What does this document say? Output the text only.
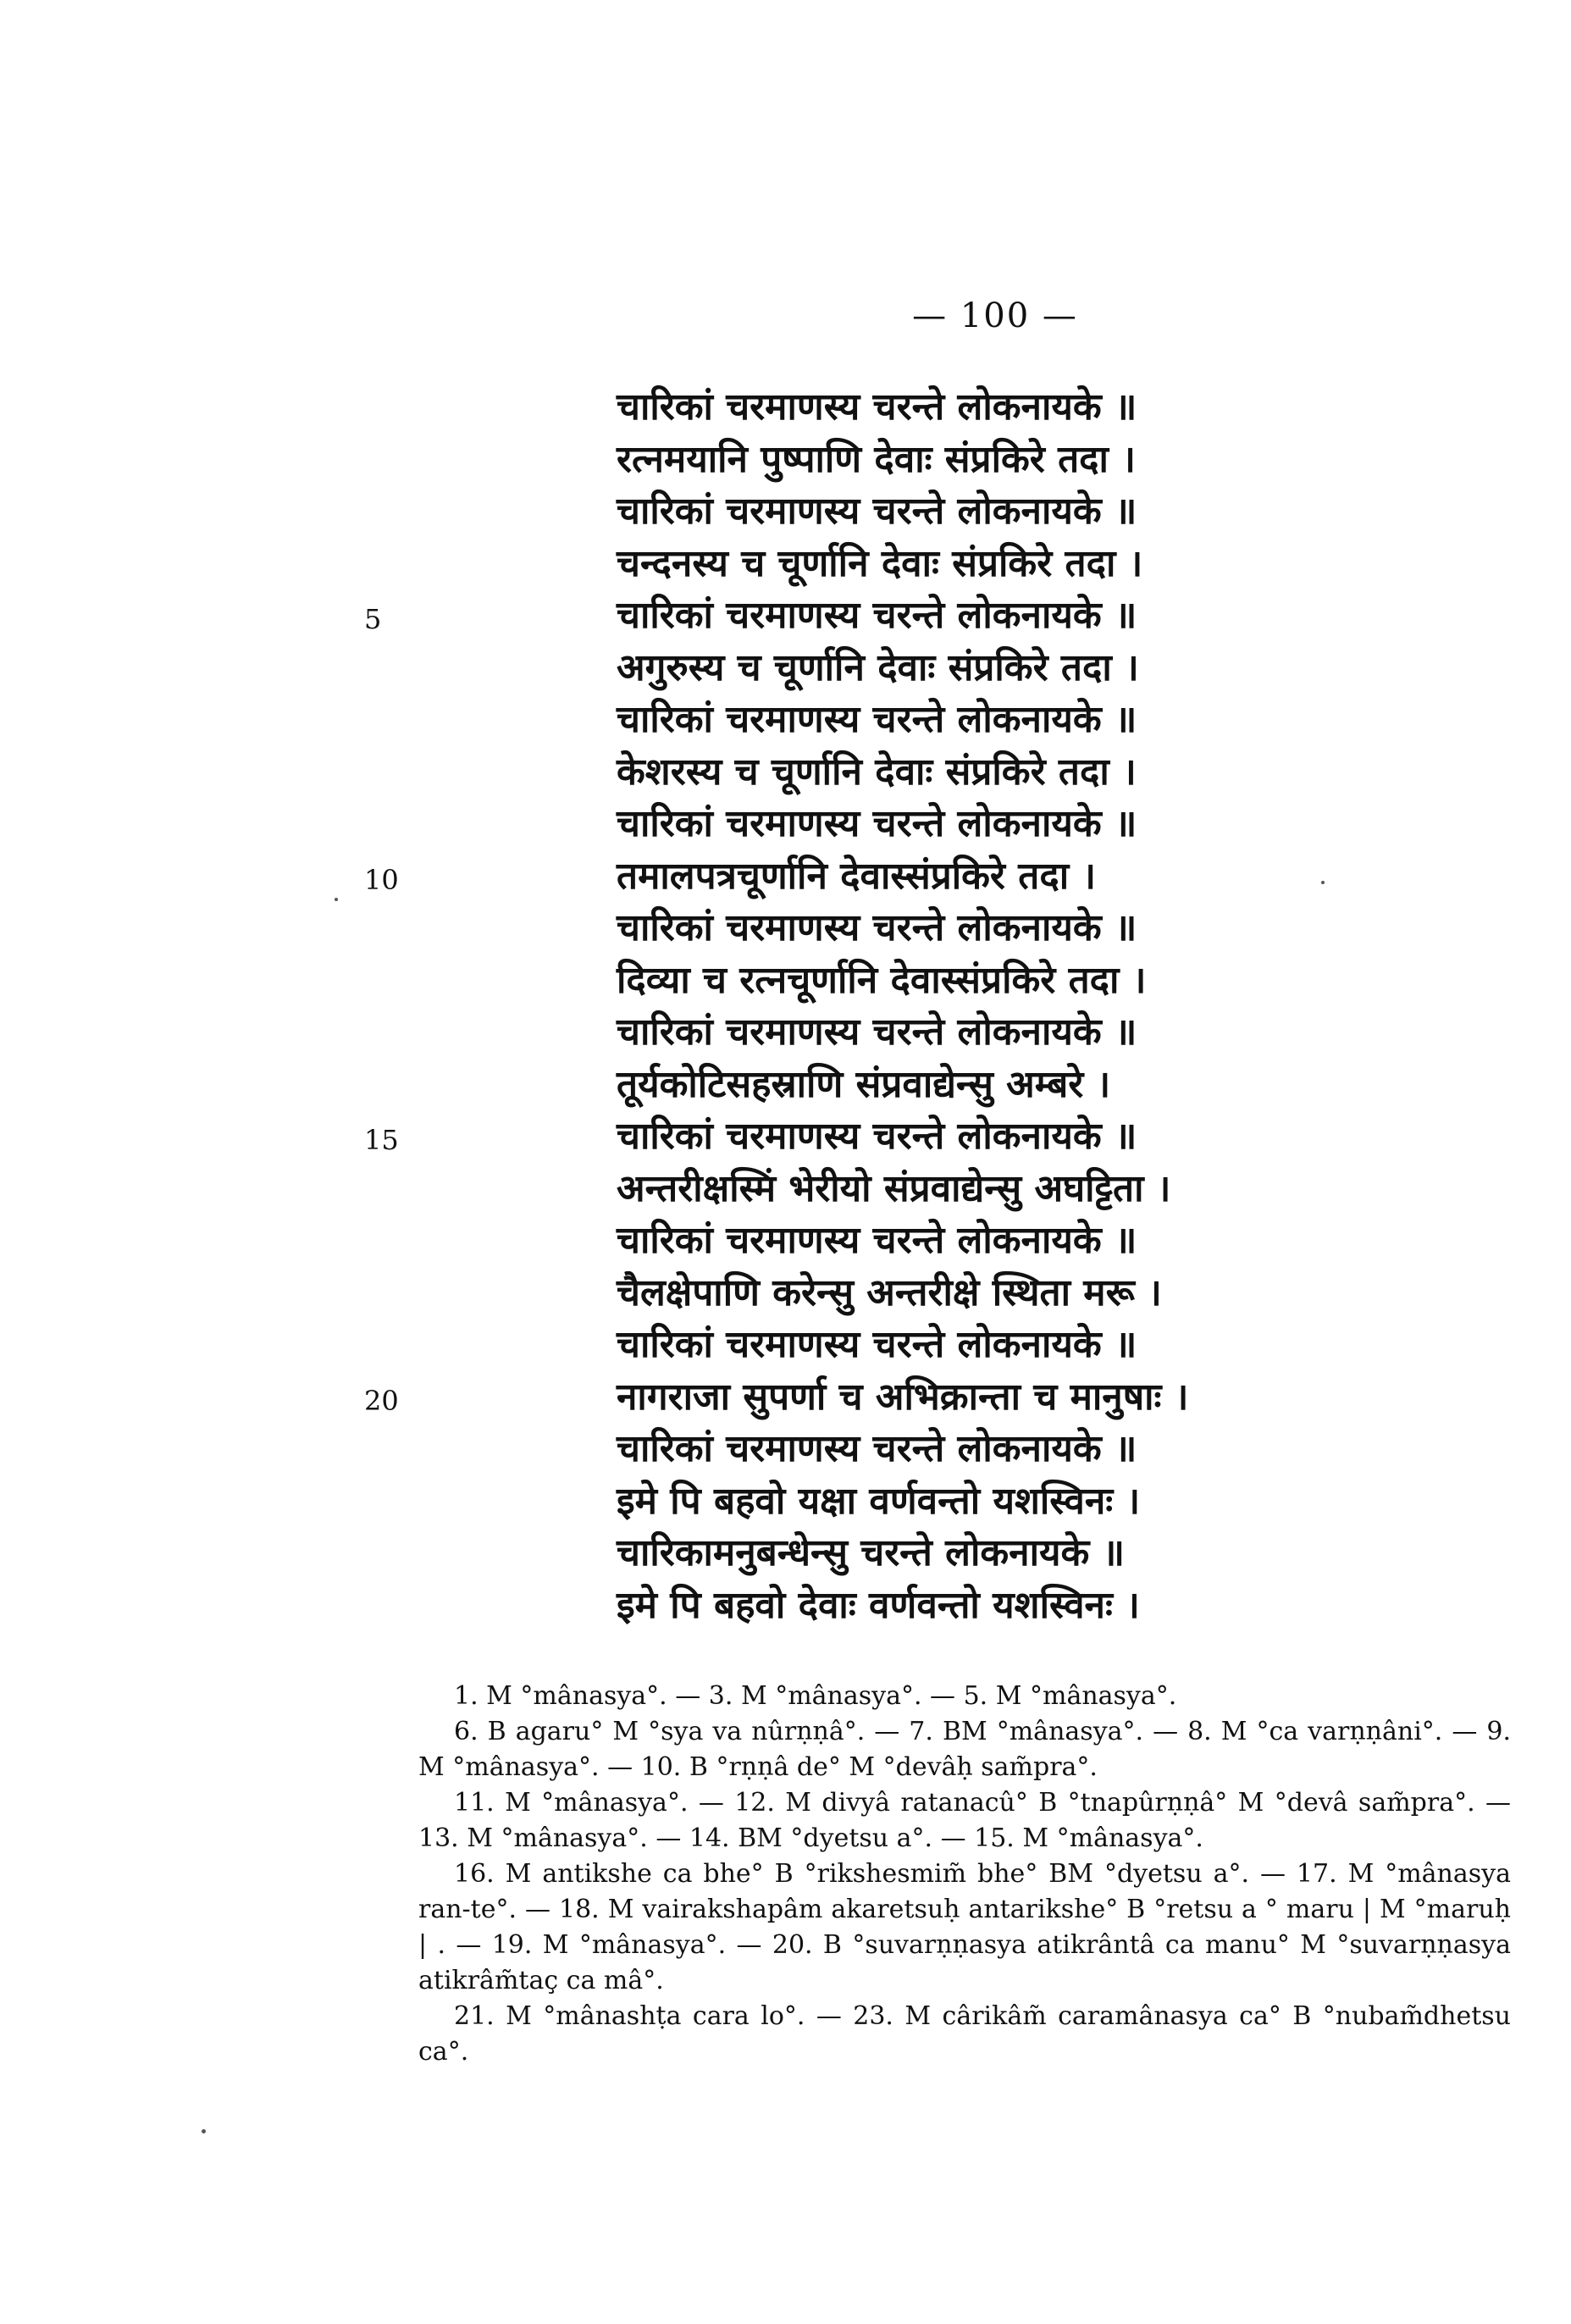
— 100 —
5
10
15
20
चारिकां चरमाणस्य चरन्ते लोकनायके ॥
रत्नमयानि पुष्पाणि देवाः संप्रकिरे तदा ।
चारिकां चरमाणस्य चरन्ते लोकनायके ॥
चन्दनस्य च चूर्णानि देवाः संप्रकिरे तदा ।
चारिकां चरमाणस्य चरन्ते लोकनायके ॥
अगुरुस्य च चूर्णानि देवाः संप्रकिरे तदा ।
चारिकां चरमाणस्य चरन्ते लोकनायके ॥
केशरस्य च चूर्णानि देवाः संप्रकिरे तदा ।
चारिकां चरमाणस्य चरन्ते लोकनायके ॥
तमालपत्रचूर्णानि देवास्संप्रकिरे तदा ।
चारिकां चरमाणस्य चरन्ते लोकनायके ॥
दिव्या च रत्नचूर्णानि देवास्संप्रकिरे तदा ।
चारिकां चरमाणस्य चरन्ते लोकनायके ॥
तूर्यकोटिसहस्राणि संप्रवाद्येन्सु अम्बरे ।
चारिकां चरमाणस्य चरन्ते लोकनायके ॥
अन्तरीक्षस्मिं भेरीयो संप्रवाद्येन्सु अघट्टिता ।
चारिकां चरमाणस्य चरन्ते लोकनायके ॥
चैलक्षेपाणि करेन्सु अन्तरीक्षे स्थिता मरू ।
चारिकां चरमाणस्य चरन्ते लोकनायके ॥
नागराजा सुपर्णा च अभिक्रान्ता च मानुषाः ।
चारिकां चरमाणस्य चरन्ते लोकनायके ॥
इमे पि बहवो यक्षा वर्णवन्तो यशस्विनः ।
चारिकामनुबन्धेन्सु चरन्ते लोकनायके ॥
इमे पि बहवो देवाः वर्णवन्तो यशस्विनः ।

1. M °mânasya°. — 3. M °mânasya°. — 5. M °mânasya°.

6. B agaru° M °sya va nûrṇṇâ°. — 7. BM °mânasya°. — 8. M °ca varṇṇâni°. — 9. M °mânasya°. — 10. B °rṇṇâ de° M °devâḥ sam̃pra°.

11. M °mânasya°. — 12. M divyâ ratanacû° B °tnapûrṇṇâ° M °devâ sam̃pra°. — 13. M °mânasya°. — 14. BM °dyetsu a°. — 15. M °mânasya°.

16. M antikshe ca bhe° B °rikshesmim̃ bhe° BM °dyetsu a°. — 17. M °mânasya ran-te°. — 18. M vairakshapâm akaretsuḥ antarikshe° B °retsu a ° maru | M °maruḥ | . — 19. M °mânasya°. — 20. B °suvarṇṇasya atikrântâ ca manu° M °suvarṇṇasya atikrâm̃taç ca mâ°.

21. M °mânashṭa cara lo°. — 23. M cârikâm̃ caramânasya ca° B °nubam̃dhetsu ca°.
